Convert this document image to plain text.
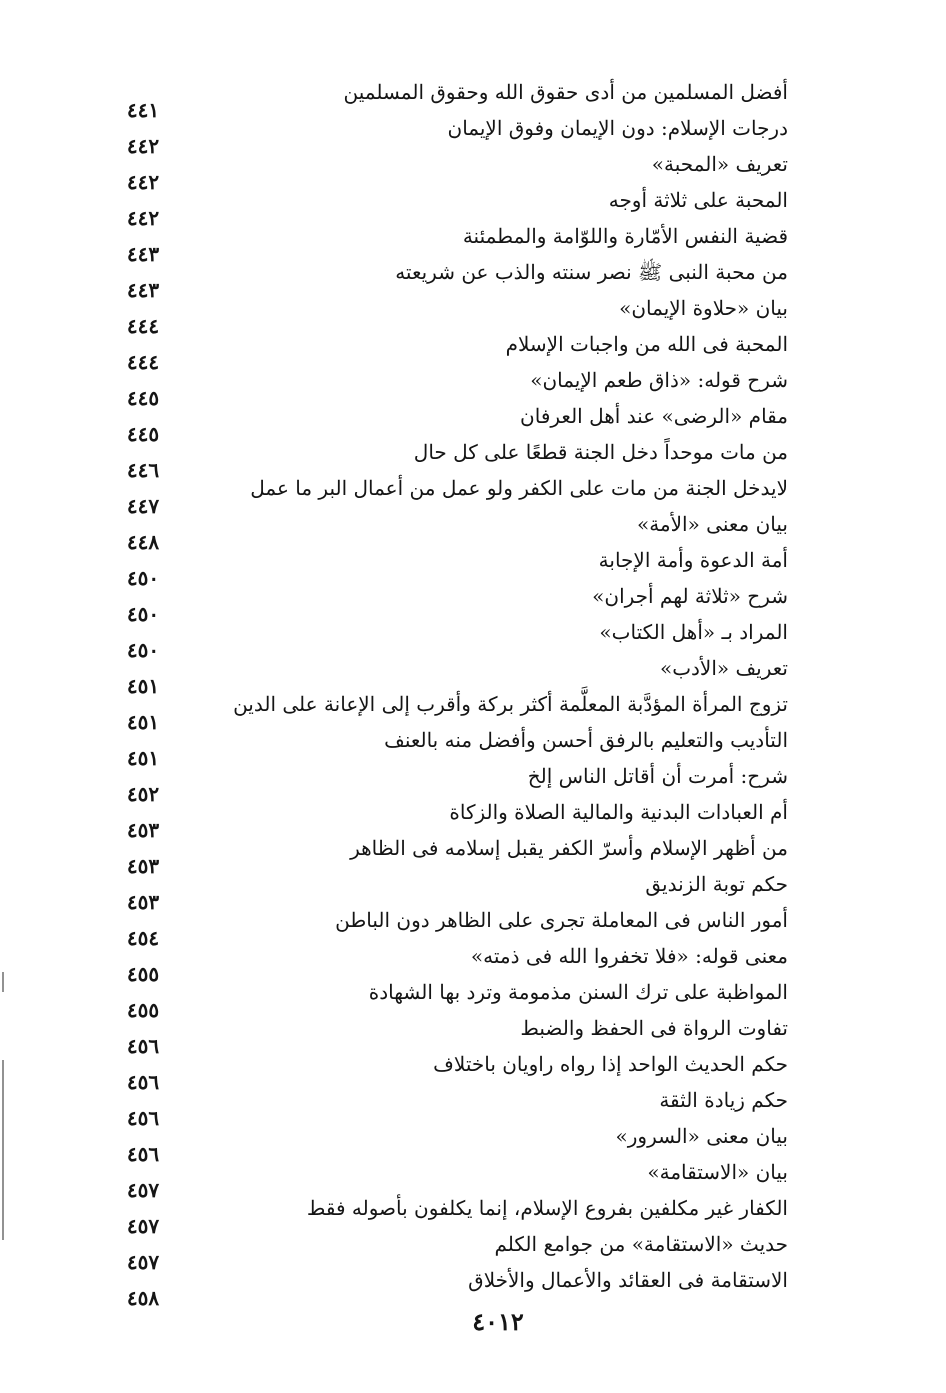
أفضل المسلمين من أدى حقوق الله وحقوق المسلمين
٤٤١
درجات الإسلام: دون الإيمان وفوق الإيمان
٤٤٢
تعريف «المحبة»
٤٤٢
المحبة على ثلاثة أوجه
٤٤٢
قضية النفس الأمّارة واللوّامة والمطمئنة
٤٤٣
من محبة النبى ﷺ نصر سنته والذب عن شريعته
٤٤٣
بيان «حلاوة الإيمان»
٤٤٤
المحبة فى الله من واجبات الإسلام
٤٤٤
شرح قوله: «ذاق طعم الإيمان»
٤٤٥
مقام «الرضى» عند أهل العرفان
٤٤٥
من مات موحداً دخل الجنة قطعًا على كل حال
٤٤٦
لايدخل الجنة من مات على الكفر ولو عمل من أعمال البر ما عمل
٤٤٧
بيان معنى «الأمة»
٤٤٨
أمة الدعوة وأمة الإجابة
٤٥٠
شرح «ثلاثة لهم أجران»
٤٥٠
المراد بـ «أهل الكتاب»
٤٥٠
تعريف «الأدب»
٤٥١
تزوج المرأة المؤدَّبة المعلَّمة أكثر بركة وأقرب إلى الإعانة على الدين
٤٥١
التأديب والتعليم بالرفق أحسن وأفضل منه بالعنف
٤٥١
شرح: أمرت أن أقاتل الناس إلخ
٤٥٢
أم العبادات البدنية والمالية الصلاة والزكاة
٤٥٣
من أظهر الإسلام وأسرّ الكفر يقبل إسلامه فى الظاهر
٤٥٣
حكم توبة الزنديق
٤٥٣
أمور الناس فى المعاملة تجرى على الظاهر دون الباطن
٤٥٤
معنى قوله: «فلا تخفروا الله فى ذمته»
٤٥٥
المواظبة على ترك السنن مذمومة وترد بها الشهادة
٤٥٥
تفاوت الرواة فى الحفظ والضبط
٤٥٦
حكم الحديث الواحد إذا رواه راويان باختلاف
٤٥٦
حكم زيادة الثقة
٤٥٦
بيان معنى «السرور»
٤٥٦
بيان «الاستقامة»
٤٥٧
الكفار غير مكلفين بفروع الإسلام، إنما يكلفون بأصوله فقط
٤٥٧
حديث «الاستقامة» من جوامع الكلم
٤٥٧
الاستقامة فى العقائد والأعمال والأخلاق
٤٥٨
٤٠١٢
